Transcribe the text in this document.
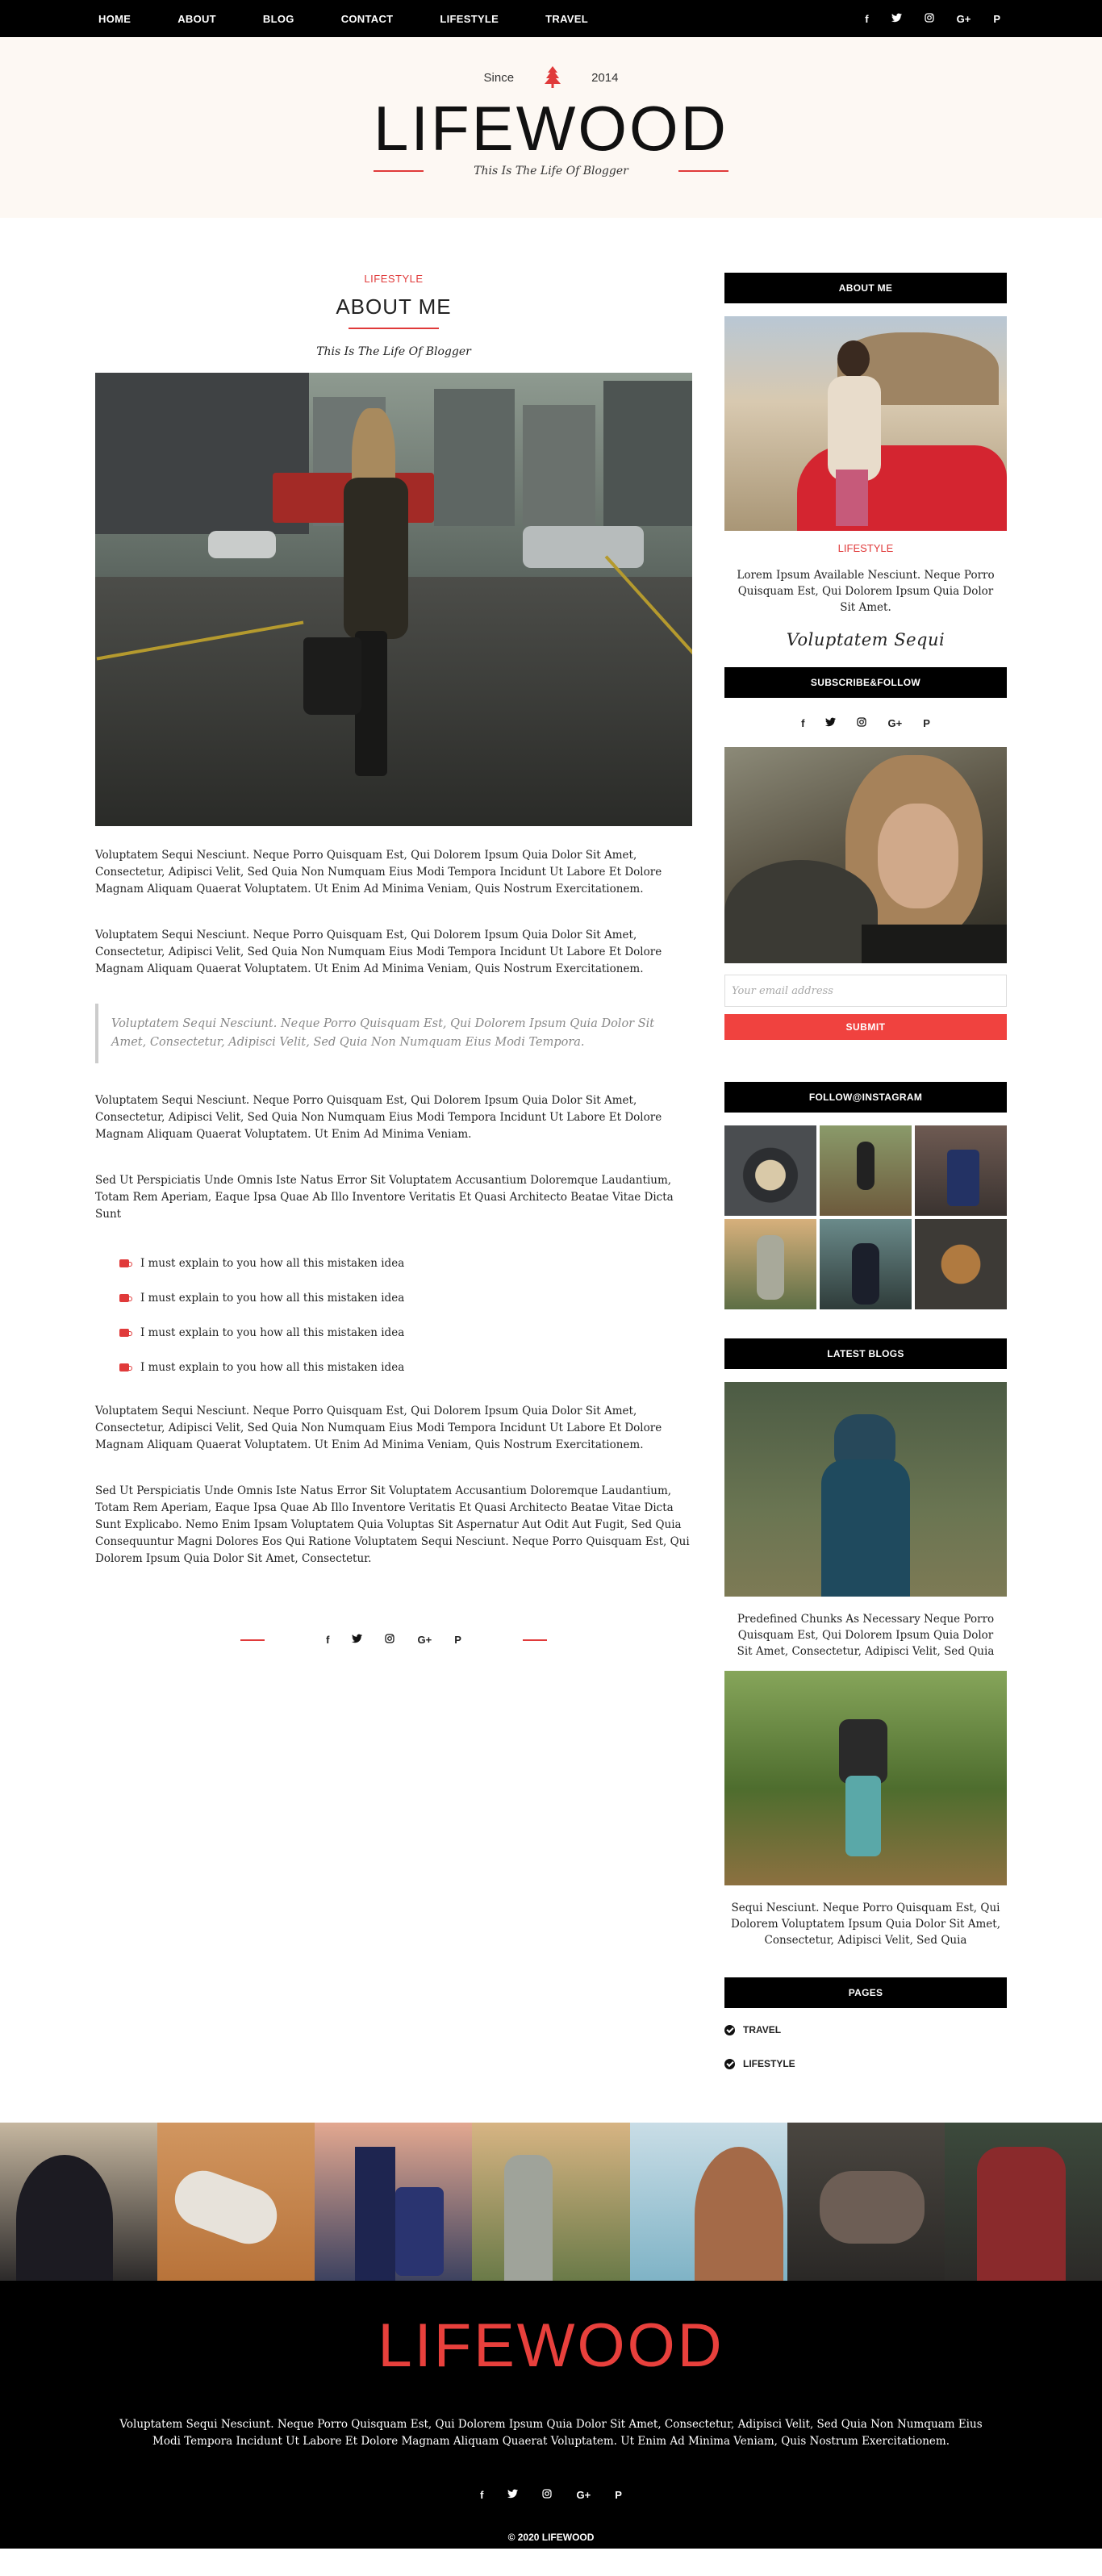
HOME	ABOUT	BLOG	CONTACT	LIFESTYLE	TRAVEL	f	G+ P
Since	2014
LIFEWOOD
This Is The Life Of Blogger
LIFESTYLE
ABOUT ME
This Is The Life Of Blogger

Voluptatem Sequi Nesciunt. Neque Porro Quisquam Est, Qui Dolorem Ipsum Quia Dolor Sit Amet, Consectetur, Adipisci Velit, Sed Quia Non Numquam Eius Modi Tempora Incidunt Ut Labore Et Dolore Magnam Aliquam Quaerat Voluptatem. Ut Enim Ad Minima Veniam, Quis Nostrum Exercitationem.

Voluptatem Sequi Nesciunt. Neque Porro Quisquam Est, Qui Dolorem Ipsum Quia Dolor Sit Amet, Consectetur, Adipisci Velit, Sed Quia Non Numquam Eius Modi Tempora Incidunt Ut Labore Et Dolore Magnam Aliquam Quaerat Voluptatem. Ut Enim Ad Minima Veniam, Quis Nostrum Exercitationem.

Voluptatem Sequi Nesciunt. Neque Porro Quisquam Est, Qui Dolorem Ipsum Quia Dolor Sit Amet, Consectetur, Adipisci Velit, Sed Quia Non Numquam Eius Modi Tempora.

Voluptatem Sequi Nesciunt. Neque Porro Quisquam Est, Qui Dolorem Ipsum Quia Dolor Sit Amet, Consectetur, Adipisci Velit, Sed Quia Non Numquam Eius Modi Tempora Incidunt Ut Labore Et Dolore Magnam Aliquam Quaerat Voluptatem. Ut Enim Ad Minima Veniam.

Sed Ut Perspiciatis Unde Omnis Iste Natus Error Sit Voluptatem Accusantium Doloremque Laudantium, Totam Rem Aperiam, Eaque Ipsa Quae Ab Illo Inventore Veritatis Et Quasi Architecto Beatae Vitae Dicta Sunt

I must explain to you how all this mistaken idea
I must explain to you how all this mistaken idea
I must explain to you how all this mistaken idea
I must explain to you how all this mistaken idea

Voluptatem Sequi Nesciunt. Neque Porro Quisquam Est, Qui Dolorem Ipsum Quia Dolor Sit Amet, Consectetur, Adipisci Velit, Sed Quia Non Numquam Eius Modi Tempora Incidunt Ut Labore Et Dolore Magnam Aliquam Quaerat Voluptatem. Ut Enim Ad Minima Veniam, Quis Nostrum Exercitationem.

Sed Ut Perspiciatis Unde Omnis Iste Natus Error Sit Voluptatem Accusantium Doloremque Laudantium, Totam Rem Aperiam, Eaque Ipsa Quae Ab Illo Inventore Veritatis Et Quasi Architecto Beatae Vitae Dicta Sunt Explicabo. Nemo Enim Ipsam Voluptatem Quia Voluptas Sit Aspernatur Aut Odit Aut Fugit, Sed Quia Consequuntur Magni Dolores Eos Qui Ratione Voluptatem Sequi Nesciunt. Neque Porro Quisquam Est, Qui Dolorem Ipsum Quia Dolor Sit Amet, Consectetur.

f	G+ P
ABOUT ME
LIFESTYLE

Lorem Ipsum Available Nesciunt. Neque Porro Quisquam Est, Qui Dolorem Ipsum Quia Dolor Sit Amet.

Voluptatem Sequi
SUBSCRIBE&FOLLOW
f	G+ P
Your email address SUBMIT
FOLLOW@INSTAGRAM
LATEST BLOGS

Predefined Chunks As Necessary Neque Porro Quisquam Est, Qui Dolorem Ipsum Quia Dolor Sit Amet, Consectetur, Adipisci Velit, Sed Quia

Sequi Nesciunt. Neque Porro Quisquam Est, Qui Dolorem Voluptatem Ipsum Quia Dolor Sit Amet, Consectetur, Adipisci Velit, Sed Quia

PAGES
TRAVEL
LIFESTYLE
LIFEWOOD

Voluptatem Sequi Nesciunt. Neque Porro Quisquam Est, Qui Dolorem Ipsum Quia Dolor Sit Amet, Consectetur, Adipisci Velit, Sed Quia Non Numquam Eius Modi Tempora Incidunt Ut Labore Et Dolore Magnam Aliquam Quaerat Voluptatem. Ut Enim Ad Minima Veniam, Quis Nostrum Exercitationem.

f	G+ P
© 2020 LIFEWOOD
